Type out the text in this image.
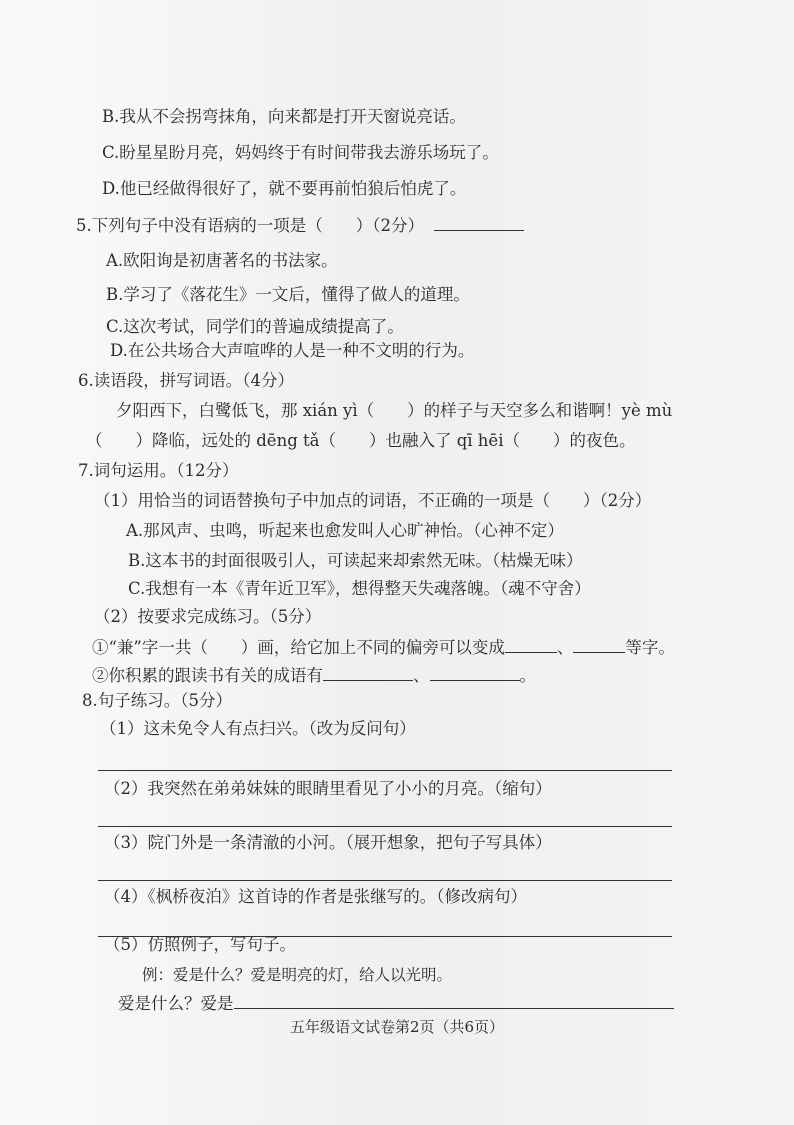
B.我从不会拐弯抹角，向来都是打开天窗说亮话。
C.盼星星盼月亮，妈妈终于有时间带我去游乐场玩了。
D.他已经做得很好了，就不要再前怕狼后怕虎了。
5.下列句子中没有语病的一项是（　　）（2分）
A.欧阳询是初唐著名的书法家。
B.学习了《落花生》一文后，懂得了做人的道理。
C.这次考试，同学们的普遍成绩提高了。
D.在公共场合大声喧哗的人是一种不文明的行为。
6.读语段，拼写词语。（4分）
夕阳西下，白鹭低飞，那 xián yì（　　）的样子与天空多么和谐啊！yè mù
（　　）降临，远处的 dēng tǎ（　　）也融入了 qī hēi（　　）的夜色。
7.词句运用。（12分）
（1）用恰当的词语替换句子中加点的词语，不正确的一项是（　　）（2分）
A.那风声、虫鸣，听起来也愈发叫人心旷神怡。（心神不定）
B.这本书的封面很吸引人，可读起来却索然无味。（枯燥无味）
C.我想有一本《青年近卫军》，想得整天失魂落魄。（魂不守舍）
（2）按要求完成练习。（5分）
①“兼”字一共（　　）画，给它加上不同的偏旁可以变成	、	等字。
②你积累的跟读书有关的成语有	、	。
8.句子练习。（5分）
（1）这未免令人有点扫兴。（改为反问句）
（2）我突然在弟弟妹妹的眼睛里看见了小小的月亮。（缩句）
（3）院门外是一条清澈的小河。（展开想象，把句子写具体）
（4）《枫桥夜泊》这首诗的作者是张继写的。（修改病句）
（5）仿照例子，写句子。
例：爱是什么？爱是明亮的灯，给人以光明。
爱是什么？爱是
五年级语文试卷第2页（共6页）
